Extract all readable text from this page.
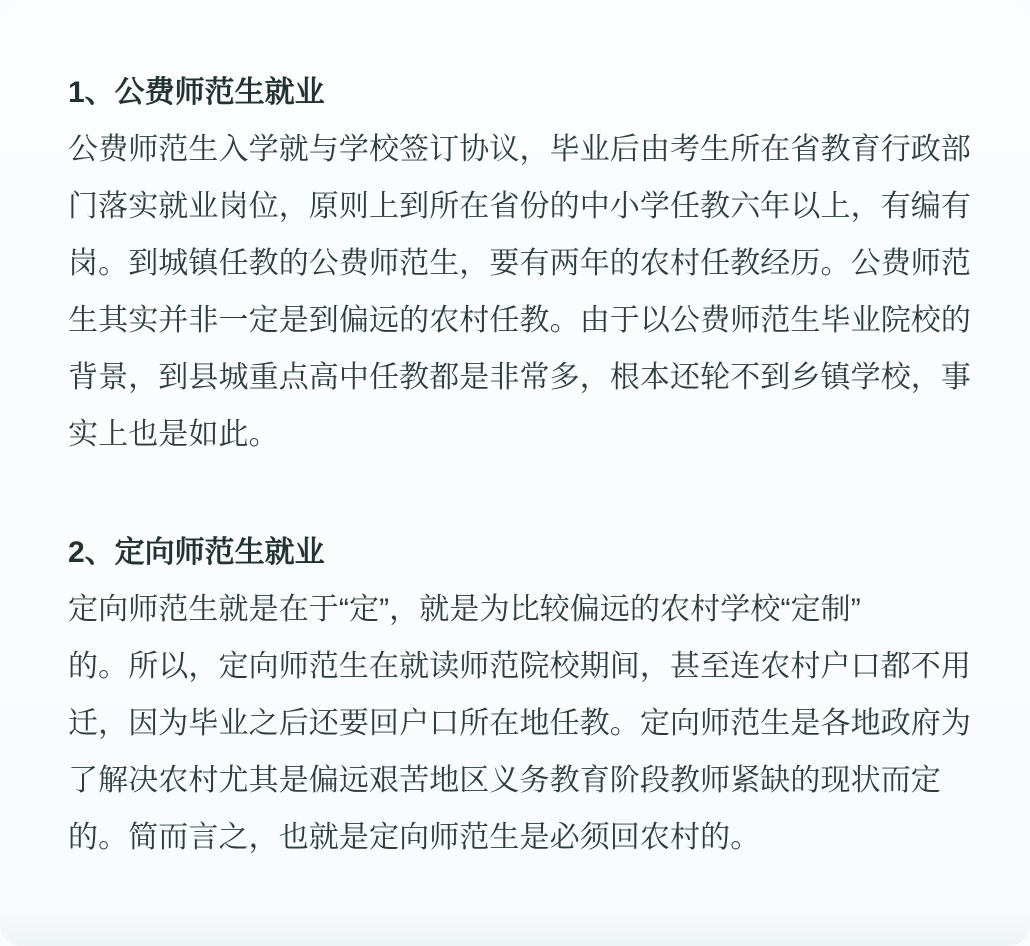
1、公费师范生就业
公费师范生入学就与学校签订协议，毕业后由考生所在省教育行政部
门落实就业岗位，原则上到所在省份的中小学任教六年以上，有编有
岗。到城镇任教的公费师范生，要有两年的农村任教经历。公费师范
生其实并非一定是到偏远的农村任教。由于以公费师范生毕业院校的
背景，到县城重点高中任教都是非常多，根本还轮不到乡镇学校，事
实上也是如此。
2、定向师范生就业
定向师范生就是在于“定”，就是为比较偏远的农村学校“定制”
的。所以，定向师范生在就读师范院校期间，甚至连农村户口都不用
迁，因为毕业之后还要回户口所在地任教。定向师范生是各地政府为
了解决农村尤其是偏远艰苦地区义务教育阶段教师紧缺的现状而定
的。简而言之，也就是定向师范生是必须回农村的。
